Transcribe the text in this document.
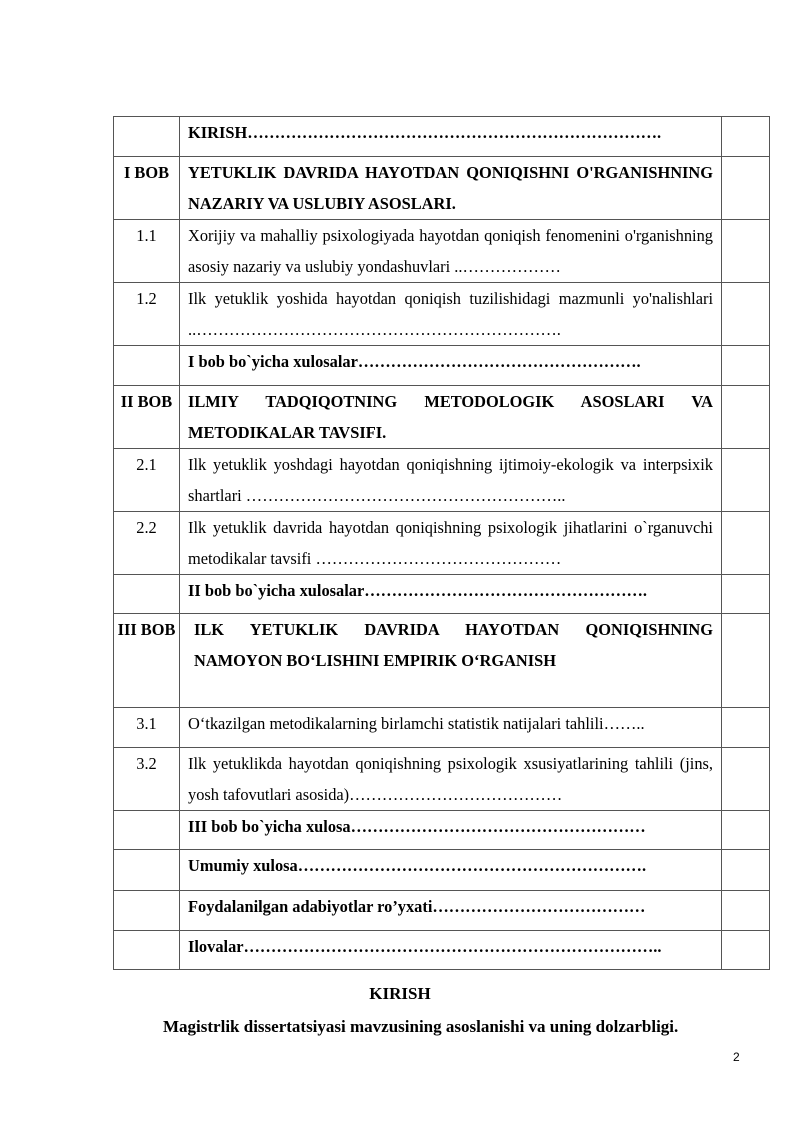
	KIRISH………………………………………………………………….	
I BOB	YETUKLIK DAVRIDA HAYOTDAN QONIQISHNI O'RGANISHNING NAZARIY VA USLUBIY ASOSLARI.	
1.1	Xorijiy va mahalliy psixologiyada hayotdan qoniqish fenomenini o'rganishning asosiy nazariy va uslubiy yondashuvlari ..………………	
1.2	Ilk yetuklik yoshida hayotdan qoniqish tuzilishidagi mazmunli yo'nalishlari ..………………………………………………………….	
	I bob bo`yicha xulosalar…………………………………………….	
II BOB	ILMIY TADQIQOTNING METODOLOGIK ASOSLARI VA METODIKALAR TAVSIFI.	
2.1	Ilk yetuklik yoshdagi hayotdan qoniqishning ijtimoiy-ekologik va interpsixik shartlari …………………………………………………..	
2.2	Ilk yetuklik davrida hayotdan qoniqishning psixologik jihatlarini o`rganuvchi metodikalar tavsifi ………………………………………	
	II bob bo`yicha xulosalar…………………………………………….	
III BOB	ILK YETUKLIK DAVRIDA HAYOTDAN QONIQISHNING NAMOYON BO‘LISHINI EMPIRIK O‘RGANISH	
3.1	O‘tkazilgan metodikalarning birlamchi statistik natijalari tahlili……..	
3.2	Ilk yetuklikda hayotdan qoniqishning psixologik xsusiyatlarining tahlili (jins, yosh tafovutlari asosida)…………………………………	
	III bob bo`yicha xulosa………………………………………………	
	Umumiy xulosa……………………………………………………….	
	Foydalanilgan adabiyotlar ro’yxati…………………………………	
	Ilovalar…………………………………………………………………..	
KIRISH
Magistrlik dissertatsiyasi mavzusining asoslanishi va uning dolzarbligi.
2
